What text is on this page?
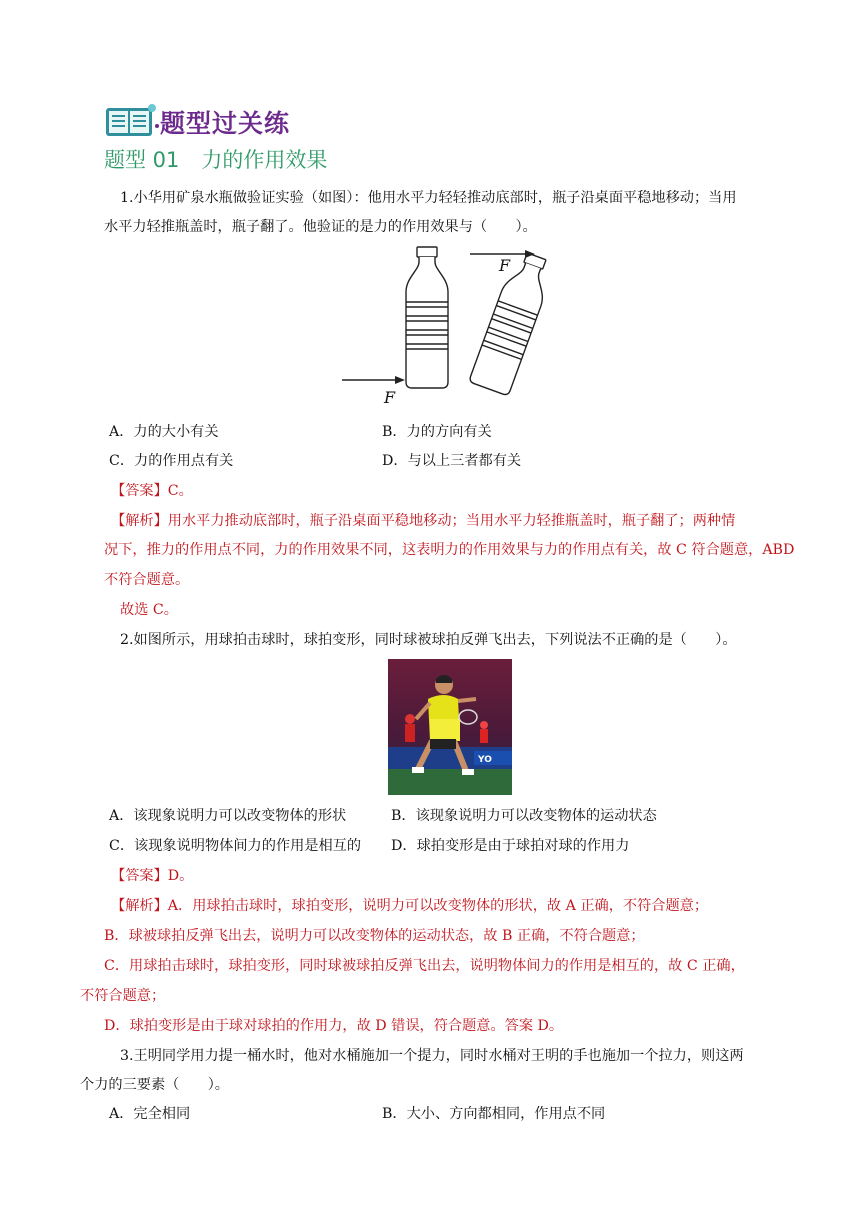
题型过关练
题型 01 力的作用效果
1.小华用矿泉水瓶做验证实验（如图）：他用水平力轻轻推动底部时，瓶子沿桌面平稳地移动；当用
水平力轻推瓶盖时，瓶子翻了。他验证的是力的作用效果与（　　）。
F
F
A．力的大小有关	B．力的方向有关
C．力的作用点有关	D．与以上三者都有关
【答案】C。
【解析】用水平力推动底部时，瓶子沿桌面平稳地移动；当用水平力轻推瓶盖时，瓶子翻了；两种情
况下，推力的作用点不同，力的作用效果不同，这表明力的作用效果与力的作用点有关，故 C 符合题意，ABD
不符合题意。
故选 C。
2.如图所示，用球拍击球时，球拍变形，同时球被球拍反弹飞出去，下列说法不正确的是（　　）。
YO
A．该现象说明力可以改变物体的形状	B．该现象说明力可以改变物体的运动状态
C．该现象说明物体间力的作用是相互的 D．球拍变形是由于球拍对球的作用力
【答案】D。
【解析】A．用球拍击球时，球拍变形，说明力可以改变物体的形状，故 A 正确，不符合题意；
B．球被球拍反弹飞出去，说明力可以改变物体的运动状态，故 B 正确，不符合题意；
C．用球拍击球时，球拍变形，同时球被球拍反弹飞出去，说明物体间力的作用是相互的，故 C 正确，
不符合题意；
D．球拍变形是由于球对球拍的作用力，故 D 错误，符合题意。答案 D。
3.王明同学用力提一桶水时，他对水桶施加一个提力，同时水桶对王明的手也施加一个拉力，则这两
个力的三要素（　　）。
A．完全相同	B．大小、方向都相同，作用点不同
